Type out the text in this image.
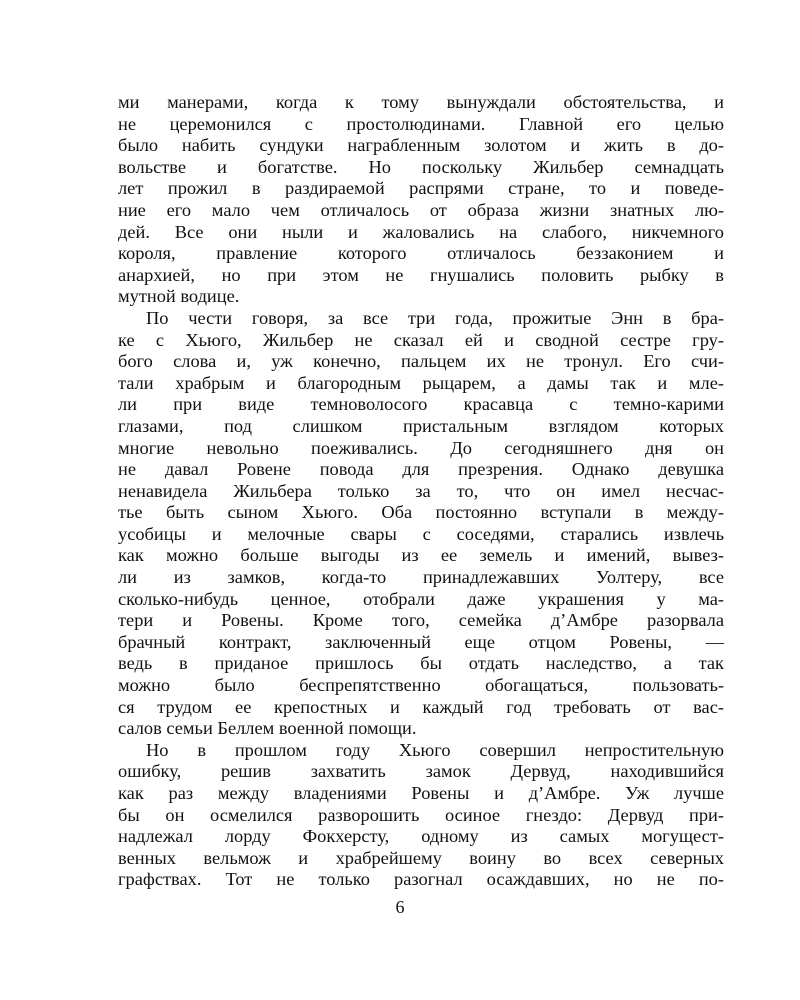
ми манерами, когда к тому вынуждали обстоятельства, и
не церемонился с простолюдинами. Главной его целью
было набить сундуки награбленным золотом и жить в до-
вольстве и богатстве. Но поскольку Жильбер семнадцать
лет прожил в раздираемой распрями стране, то и поведе-
ние его мало чем отличалось от образа жизни знатных лю-
дей. Все они ныли и жаловались на слабого, никчемного
короля, правление которого отличалось беззаконием и
анархией, но при этом не гнушались половить рыбку в
мутной водице.
По чести говоря, за все три года, прожитые Энн в бра-
ке с Хьюго, Жильбер не сказал ей и сводной сестре гру-
бого слова и, уж конечно, пальцем их не тронул. Его счи-
тали храбрым и благородным рыцарем, а дамы так и мле-
ли при виде темноволосого красавца с темно-карими
глазами, под слишком пристальным взглядом которых
многие невольно поеживались. До сегодняшнего дня он
не давал Ровене повода для презрения. Однако девушка
ненавидела Жильбера только за то, что он имел несчас-
тье быть сыном Хьюго. Оба постоянно вступали в междy-
усобицы и мелочные свары с соседями, старались извлечь
как можно больше выгоды из ее земель и имений, вывез-
ли из замков, когда-то принадлежавших Уолтеру, все
сколько-нибудь ценное, отобрали даже украшения у ма-
тери и Ровены. Кроме того, семейка д’Амбре разорвала
брачный контракт, заключенный еще отцом Ровены, —
ведь в приданое пришлось бы отдать наследство, а так
можно было беспрепятственно обогащаться, пользовать-
ся трудом ее крепостных и каждый год требовать от вас-
салов семьи Беллем военной помощи.
Но в прошлом году Хьюго совершил непростительную
ошибку, решив захватить замок Дервуд, находившийся
как раз между владениями Ровены и д’Амбре. Уж лучше
бы он осмелился разворошить осиное гнездо: Дервуд при-
надлежал лорду Фокхерсту, одному из самых могущест-
венных вельмож и храбрейшему воину во всех северных
графствах. Тот не только разогнал осаждавших, но не по-
6
